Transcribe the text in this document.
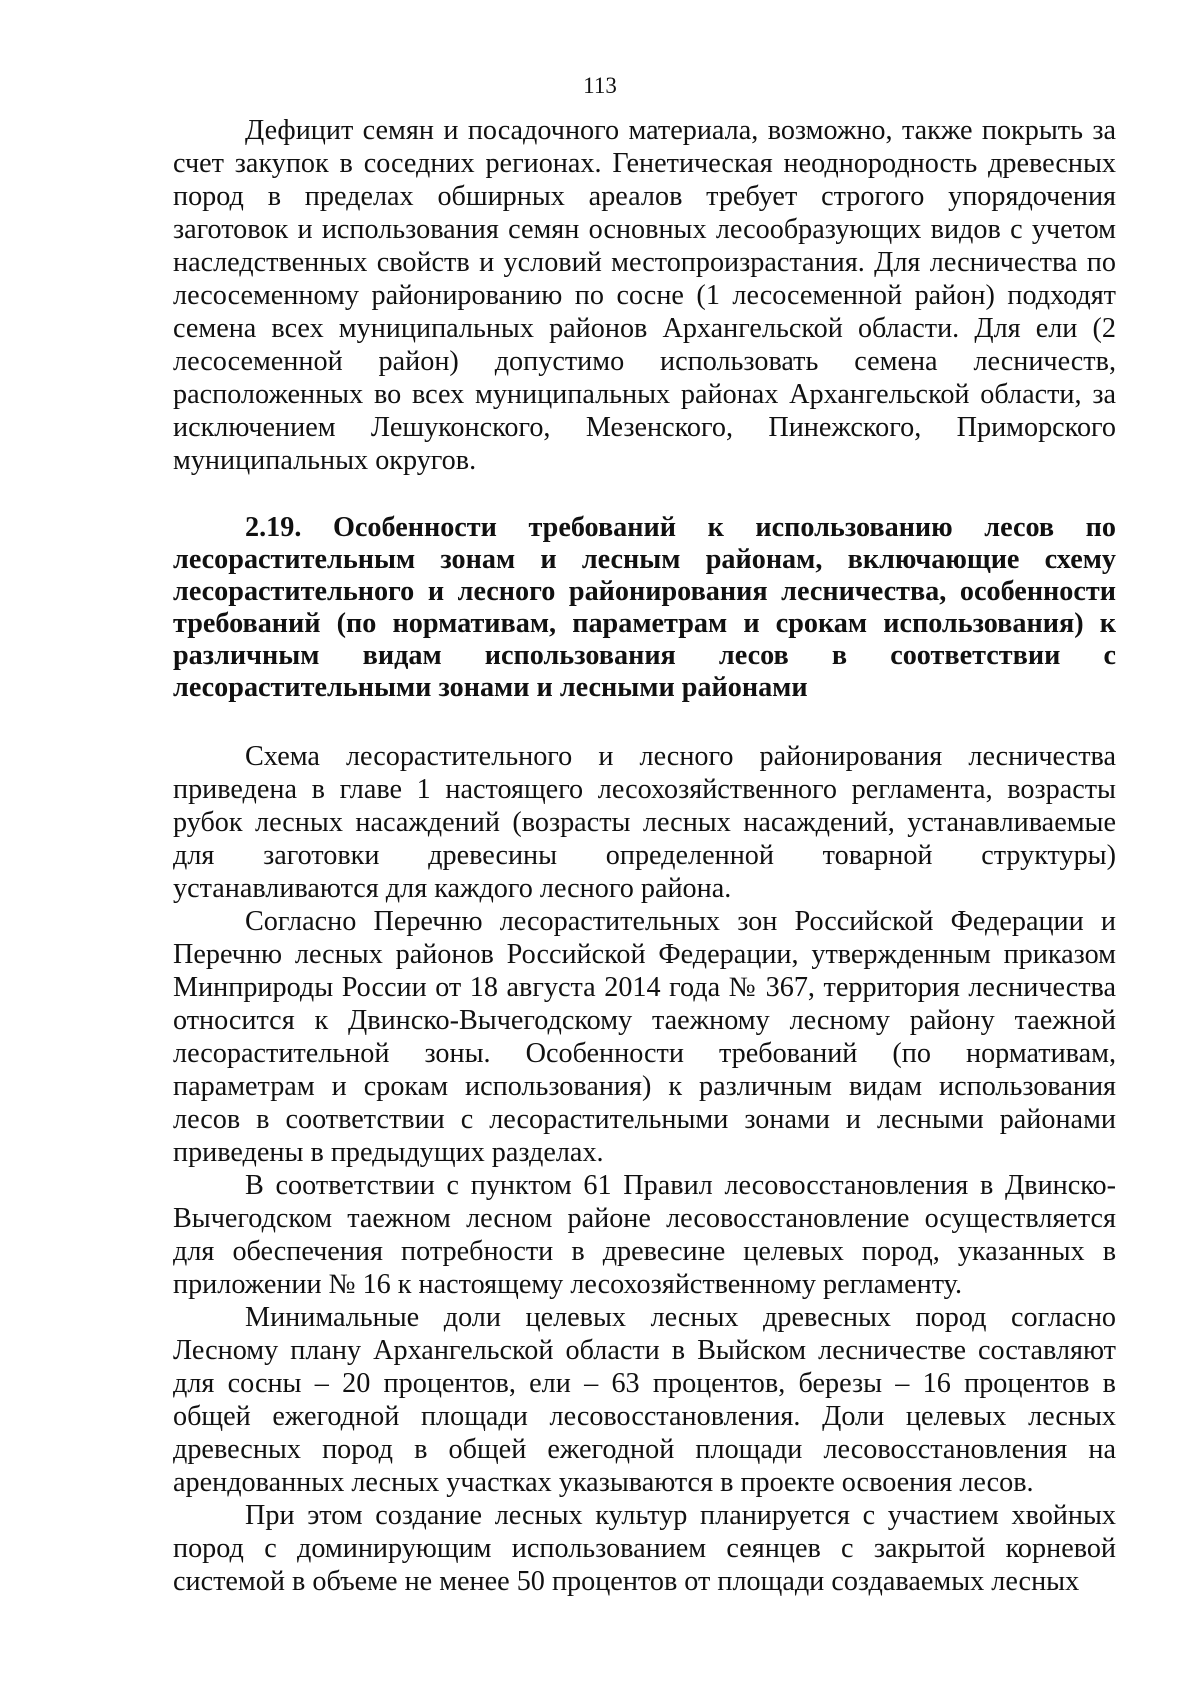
113

Дефицит семян и посадочного материала, возможно, также покрыть за счет закупок в соседних регионах. Генетическая неоднородность древесных пород в пределах обширных ареалов требует строгого упорядочения заготовок и использования семян основных лесообразующих видов с учетом наследственных свойств и условий местопроизрастания. Для лесничества по лесосеменному районированию по сосне (1 лесосеменной район) подходят семена всех муниципальных районов Архангельской области. Для ели (2 лесосеменной район) допустимо использовать семена лесничеств, расположенных во всех муниципальных районах Архангельской области, за исключением Лешуконского, Мезенского, Пинежского, Приморского муниципальных округов.

2.19. Особенности требований к использованию лесов по лесорастительным зонам и лесным районам, включающие схему лесорастительного и лесного районирования лесничества, особенности требований (по нормативам, параметрам и срокам использования) к различным видам использования лесов в соответствии с лесорастительными зонами и лесными районами

Схема лесорастительного и лесного районирования лесничества приведена в главе 1 настоящего лесохозяйственного регламента, возрасты рубок лесных насаждений (возрасты лесных насаждений, устанавливаемые для заготовки древесины определенной товарной структуры) устанавливаются для каждого лесного района.

Согласно Перечню лесорастительных зон Российской Федерации и Перечню лесных районов Российской Федерации, утвержденным приказом Минприроды России от 18 августа 2014 года № 367, территория лесничества относится к Двинско-Вычегодскому таежному лесному району таежной лесорастительной зоны. Особенности требований (по нормативам, параметрам и срокам использования) к различным видам использования лесов в соответствии с лесорастительными зонами и лесными районами приведены в предыдущих разделах.

В соответствии с пунктом 61 Правил лесовосстановления в Двинско-Вычегодском таежном лесном районе лесовосстановление осуществляется для обеспечения потребности в древесине целевых пород, указанных в приложении № 16 к настоящему лесохозяйственному регламенту.

Минимальные доли целевых лесных древесных пород согласно Лесному плану Архангельской области в Выйском лесничестве составляют для сосны – 20 процентов, ели – 63 процентов, березы – 16 процентов в общей ежегодной площади лесовосстановления. Доли целевых лесных древесных пород в общей ежегодной площади лесовосстановления на арендованных лесных участках указываются в проекте освоения лесов.

При этом создание лесных культур планируется с участием хвойных пород с доминирующим использованием сеянцев с закрытой корневой системой в объеме не менее 50 процентов от площади создаваемых лесных
